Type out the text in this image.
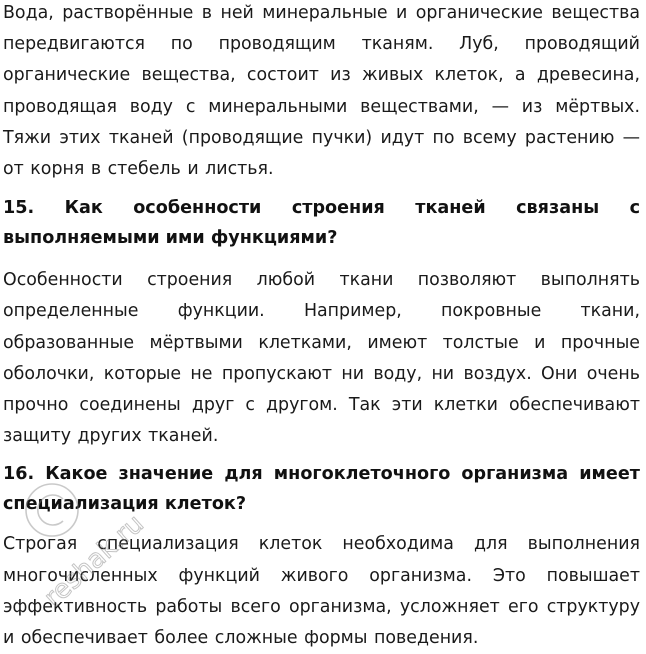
Вода, растворённые в ней минеральные и органические вещества передвигаются по проводящим тканям. Луб, проводящий органические вещества, состоит из живых клеток, а древесина, проводящая воду с минеральными веществами, — из мёртвых. Тяжи этих тканей (проводящие пучки) идут по всему растению — от корня в стебель и листья.

15. Как особенности строения тканей связаны с выполняемыми ими функциями?

Особенности строения любой ткани позволяют выполнять определенные функции. Например, покровные ткани, образованные мёртвыми клетками, имеют толстые и прочные оболочки, которые не пропускают ни воду, ни воздух. Они очень прочно соединены друг с другом. Так эти клетки обеспечивают защиту других тканей.

16. Какое значение для многоклеточного организма имеет специализация клеток?

Строгая специализация клеток необходима для выполнения многочисленных функций живого организма. Это повышает эффективность работы всего организма, усложняет его структуру и обеспечивает более сложные формы поведения.

reshak.ru
